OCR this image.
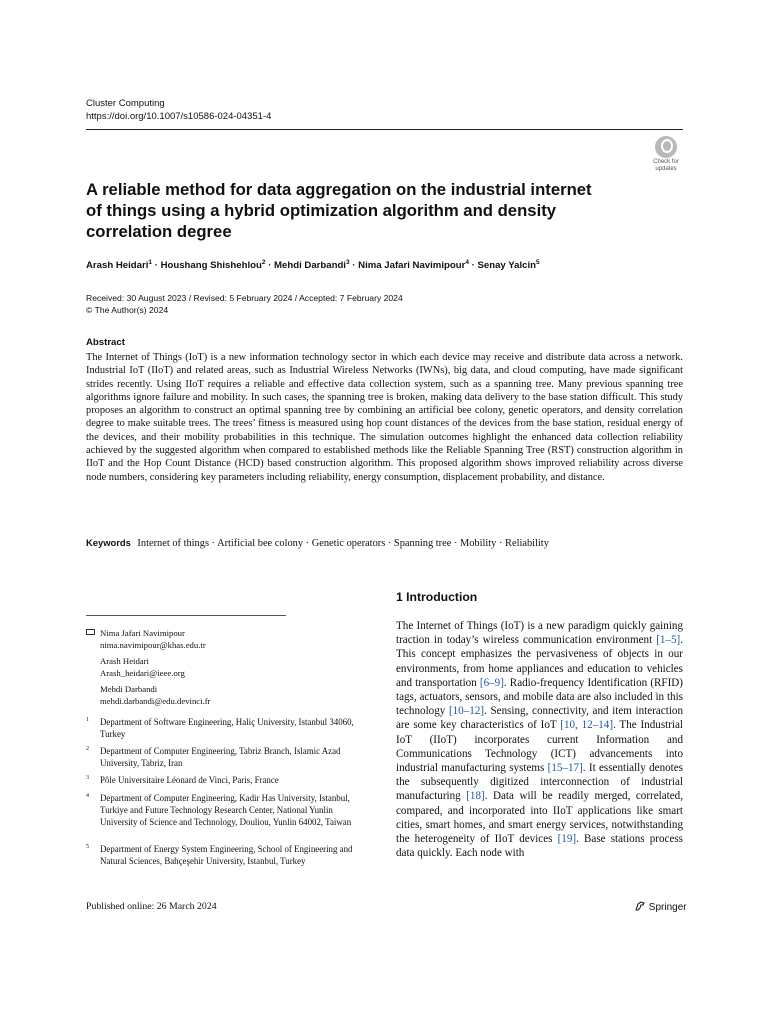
Cluster Computing
https://doi.org/10.1007/s10586-024-04351-4
Check for
updates
A reliable method for data aggregation on the industrial internet
of things using a hybrid optimization algorithm and density
correlation degree
Arash Heidari$^1$ · Houshang Shishehlou$^2$ · Mehdi Darbandi$^3$ · Nima Jafari Navimipour$^4$ · Senay Yalcin$^5$
Received: 30 August 2023 / Revised: 5 February 2024 / Accepted: 7 February 2024
© The Author(s) 2024
Abstract
The Internet of Things (IoT) is a new information technology sector in which each device may receive and distribute data across a network. Industrial IoT (IIoT) and related areas, such as Industrial Wireless Networks (IWNs), big data, and cloud computing, have made significant strides recently. Using IIoT requires a reliable and effective data collection system, such as a spanning tree. Many previous spanning tree algorithms ignore failure and mobility. In such cases, the spanning tree is broken, making data delivery to the base station difficult. This study proposes an algorithm to construct an optimal spanning tree by combining an artificial bee colony, genetic operators, and density correlation degree to make suitable trees. The trees’ fitness is measured using hop count distances of the devices from the base station, residual energy of the devices, and their mobility probabilities in this technique. The simulation outcomes highlight the enhanced data collection reliability achieved by the suggested algorithm when compared to established methods like the Reliable Spanning Tree (RST) construction algorithm in IIoT and the Hop Count Distance (HCD) based construction algorithm. This proposed algorithm shows improved reliability across diverse node numbers, considering key parameters including reliability, energy consumption, displacement probability, and distance.
Keywords Internet of things · Artificial bee colony · Genetic operators · Spanning tree · Mobility · Reliability
1 Introduction
The Internet of Things (IoT) is a new paradigm quickly gaining traction in today’s wireless communication environment [1–5]. This concept emphasizes the pervasiveness of objects in our environments, from home appliances and education to vehicles and transportation [6–9]. Radio-frequency Identification (RFID) tags, actuators, sensors, and mobile data are also included in this technology [10–12]. Sensing, connectivity, and item interaction are some key characteristics of IoT [10, 12–14]. The Industrial IoT (IIoT) incorporates current Information and Communications Technology (ICT) advancements into industrial manufacturing systems [15–17]. It essentially denotes the subsequently digitized interconnection of industrial manufacturing [18]. Data will be readily merged, correlated, compared, and incorporated into IIoT applications like smart cities, smart homes, and smart energy services, notwithstanding the heterogeneity of IIoT devices [19]. Base stations process data quickly. Each node with
Nima Jafari Navimipour
nima.navimipour@khas.edu.tr
Arash Heidari
Arash_heidari@ieee.org
Mehdi Darbandi
mehdi.darbandi@edu.devinci.fr
1 Department of Software Engineering, Haliç University, Istanbul 34060, Turkey
2 Department of Computer Engineering, Tabriz Branch, Islamic Azad University, Tabriz, Iran
3 Pôle Universitaire Léonard de Vinci, Paris, France
4 Department of Computer Engineering, Kadir Has University, Istanbul, Turkiye and Future Technology Research Center, National Yunlin University of Science and Technology, Douliou, Yunlin 64002, Taiwan
5 Department of Energy System Engineering, School of Engineering and Natural Sciences, Bahçeşehir University, Istanbul, Turkey
Published online: 26 March 2024	Springer
